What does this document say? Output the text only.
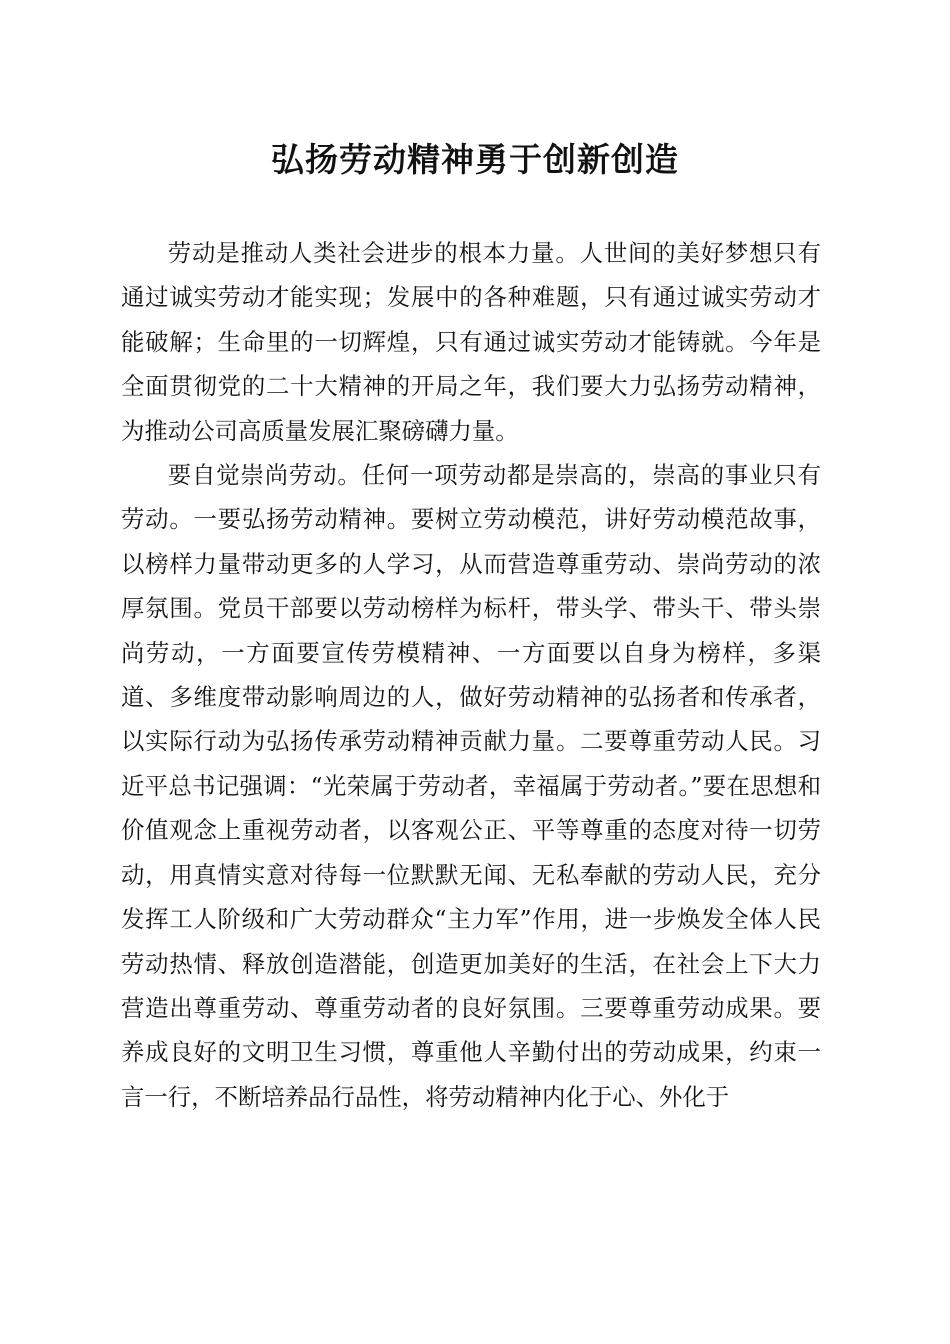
弘扬劳动精神勇于创新创造

劳动是推动人类社会进步的根本力量。人世间的美好梦想只有通过诚实劳动才能实现；发展中的各种难题，只有通过诚实劳动才能破解；生命里的一切辉煌，只有通过诚实劳动才能铸就。今年是全面贯彻党的二十大精神的开局之年，我们要大力弘扬劳动精神，为推动公司高质量发展汇聚磅礴力量。

要自觉崇尚劳动。任何一项劳动都是崇高的，崇高的事业只有劳动。一要弘扬劳动精神。要树立劳动模范，讲好劳动模范故事，以榜样力量带动更多的人学习，从而营造尊重劳动、崇尚劳动的浓厚氛围。党员干部要以劳动榜样为标杆，带头学、带头干、带头崇尚劳动，一方面要宣传劳模精神、一方面要以自身为榜样，多渠道、多维度带动影响周边的人，做好劳动精神的弘扬者和传承者，以实际行动为弘扬传承劳动精神贡献力量。二要尊重劳动人民。习近平总书记强调：“光荣属于劳动者，幸福属于劳动者。”要在思想和价值观念上重视劳动者，以客观公正、平等尊重的态度对待一切劳动，用真情实意对待每一位默默无闻、无私奉献的劳动人民，充分发挥工人阶级和广大劳动群众“主力军”作用，进一步焕发全体人民劳动热情、释放创造潜能，创造更加美好的生活，在社会上下大力营造出尊重劳动、尊重劳动者的良好氛围。三要尊重劳动成果。要养成良好的文明卫生习惯，尊重他人辛勤付出的劳动成果，约束一言一行，不断培养品行品性，将劳动精神内化于心、外化于
